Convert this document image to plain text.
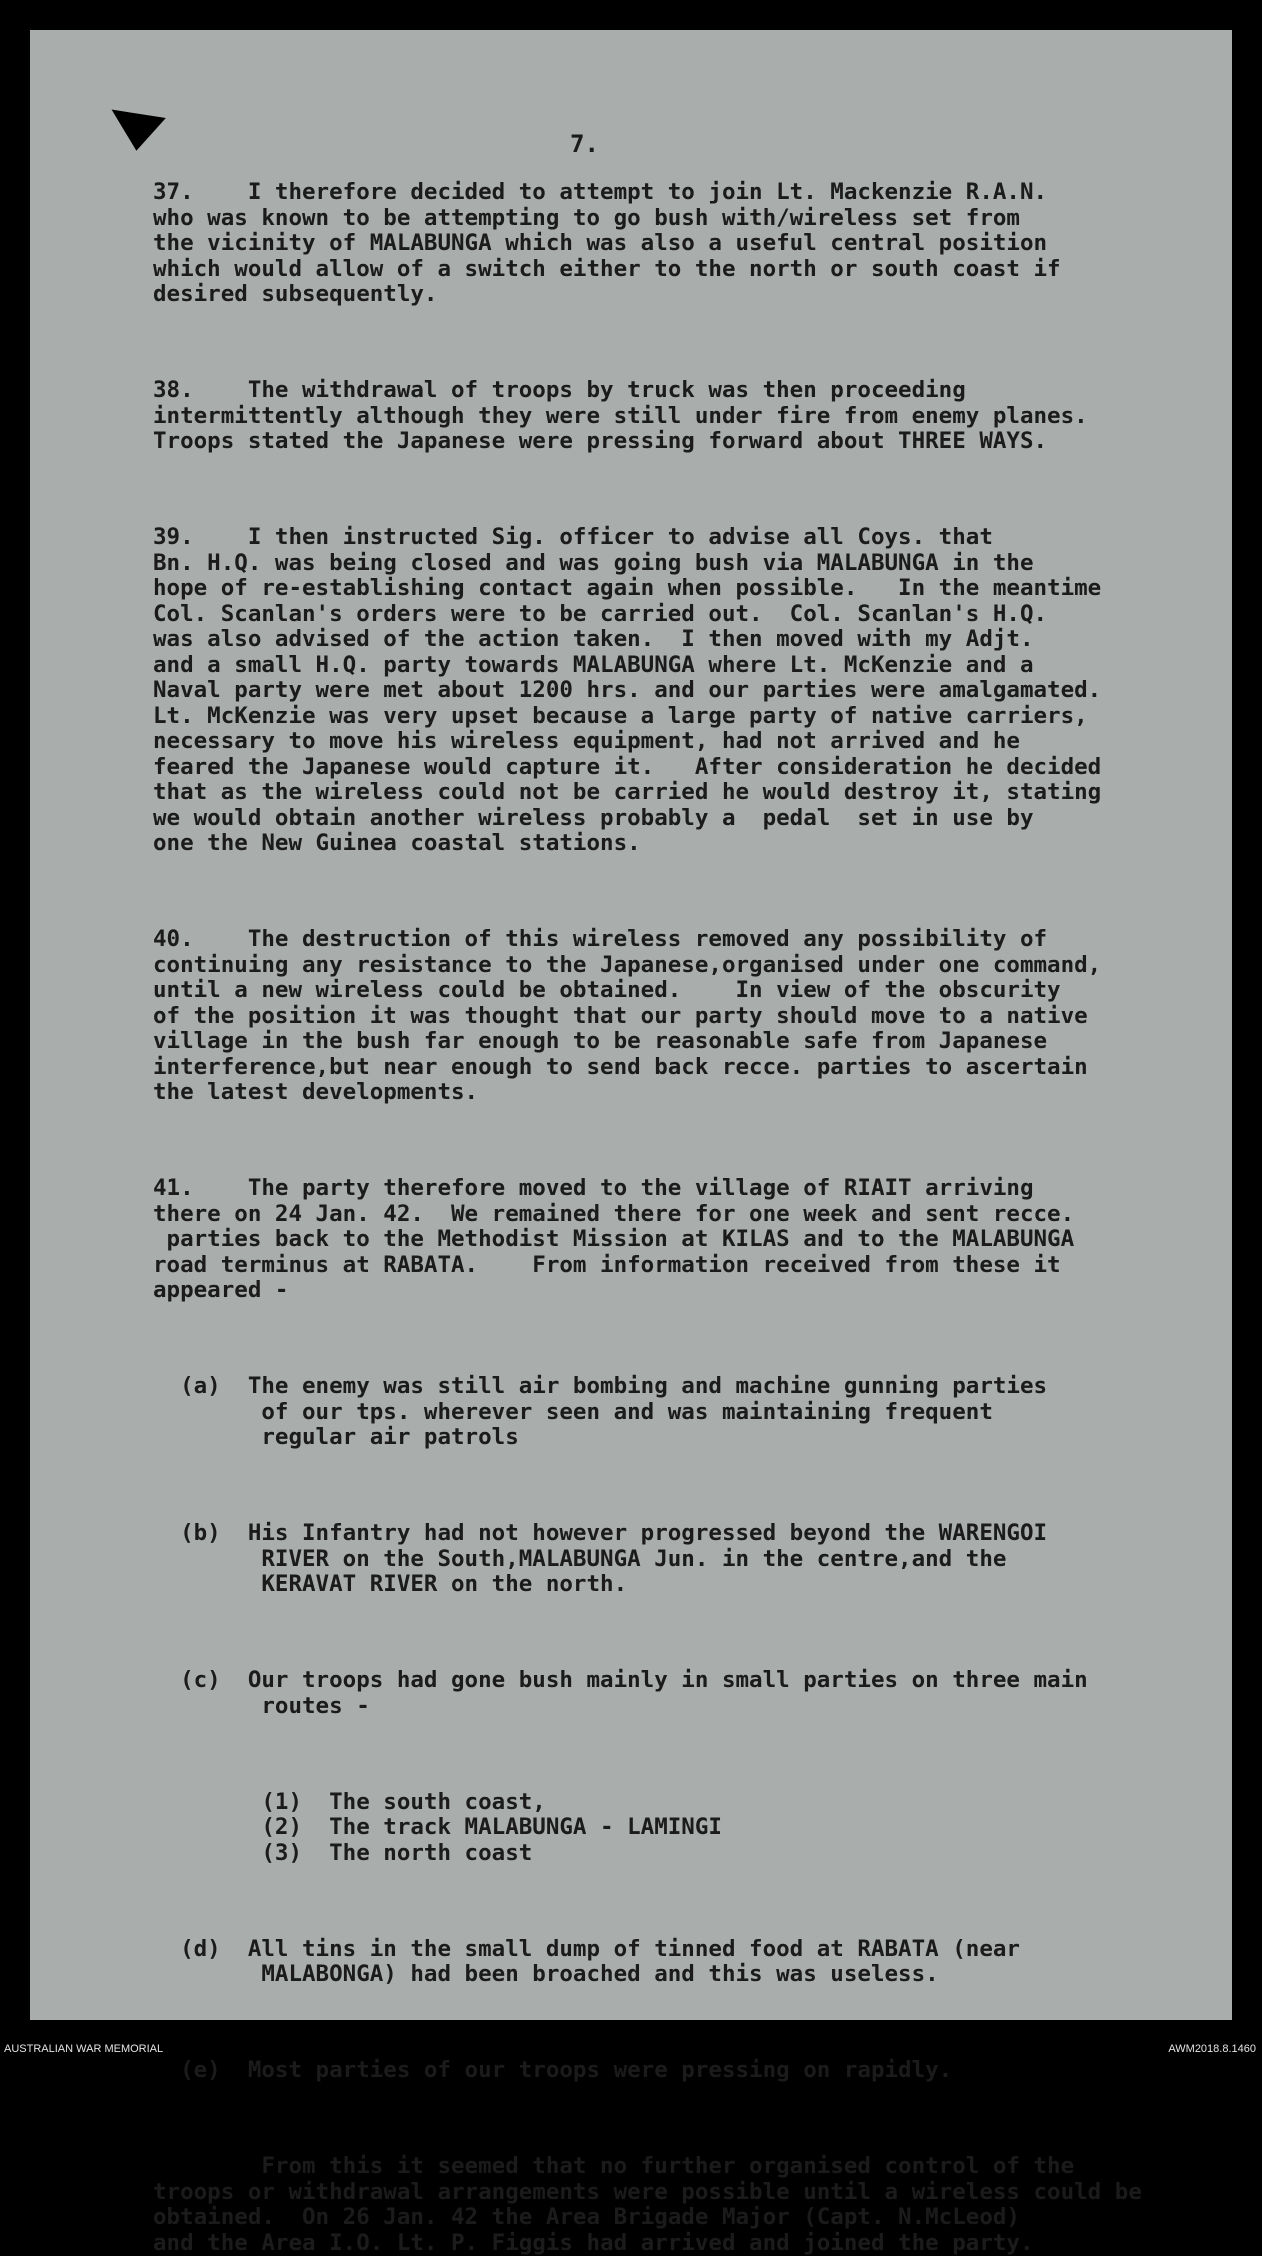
7.

37.    I therefore decided to attempt to join Lt. Mackenzie R.A.N.

who was known to be attempting to go bush with/wireless set from

the vicinity of MALABUNGA which was also a useful central position

which would allow of a switch either to the north or south coast if

desired subsequently.

38.    The withdrawal of troops by truck was then proceeding

intermittently although they were still under fire from enemy planes.

Troops stated the Japanese were pressing forward about THREE WAYS.

39.    I then instructed Sig. officer to advise all Coys. that

Bn. H.Q. was being closed and was going bush via MALABUNGA in the

hope of re-establishing contact again when possible.   In the meantime

Col. Scanlan's orders were to be carried out.  Col. Scanlan's H.Q.

was also advised of the action taken.  I then moved with my Adjt.

and a small H.Q. party towards MALABUNGA where Lt. McKenzie and a

Naval party were met about 1200 hrs. and our parties were amalgamated.

Lt. McKenzie was very upset because a large party of native carriers,

necessary to move his wireless equipment, had not arrived and he

feared the Japanese would capture it.   After consideration he decided

that as the wireless could not be carried he would destroy it, stating

we would obtain another wireless probably a  pedal  set in use by

one the New Guinea coastal stations.

40.    The destruction of this wireless removed any possibility of

continuing any resistance to the Japanese,organised under one command,

until a new wireless could be obtained.    In view of the obscurity

of the position it was thought that our party should move to a native

village in the bush far enough to be reasonable safe from Japanese

interference,but near enough to send back recce. parties to ascertain

the latest developments.

41.    The party therefore moved to the village of RIAIT arriving

there on 24 Jan. 42.  We remained there for one week and sent recce.

parties back to the Methodist Mission at KILAS and to the MALABUNGA

road terminus at RABATA.    From information received from these it

appeared -

(a)  The enemy was still air bombing and machine gunning parties

of our tps. wherever seen and was maintaining frequent

regular air patrols

(b)  His Infantry had not however progressed beyond the WARENGOI

RIVER on the South,MALABUNGA Jun. in the centre,and the

KERAVAT RIVER on the north.

(c)  Our troops had gone bush mainly in small parties on three main

routes -

(1)  The south coast,

(2)  The track MALABUNGA - LAMINGI

(3)  The north coast

(d)  All tins in the small dump of tinned food at RABATA (near

MALABONGA) had been broached and this was useless.

(e)  Most parties of our troops were pressing on rapidly.

From this it seemed that no further organised control of the

troops or withdrawal arrangements were possible until a wireless could be

obtained.  On 26 Jan. 42 the Area Brigade Major (Capt. N.McLeod)

and the Area I.O. Lt. P. Figgis had arrived and joined the party.

AUSTRALIAN WAR MEMORIAL	AWM2018.8.1460
